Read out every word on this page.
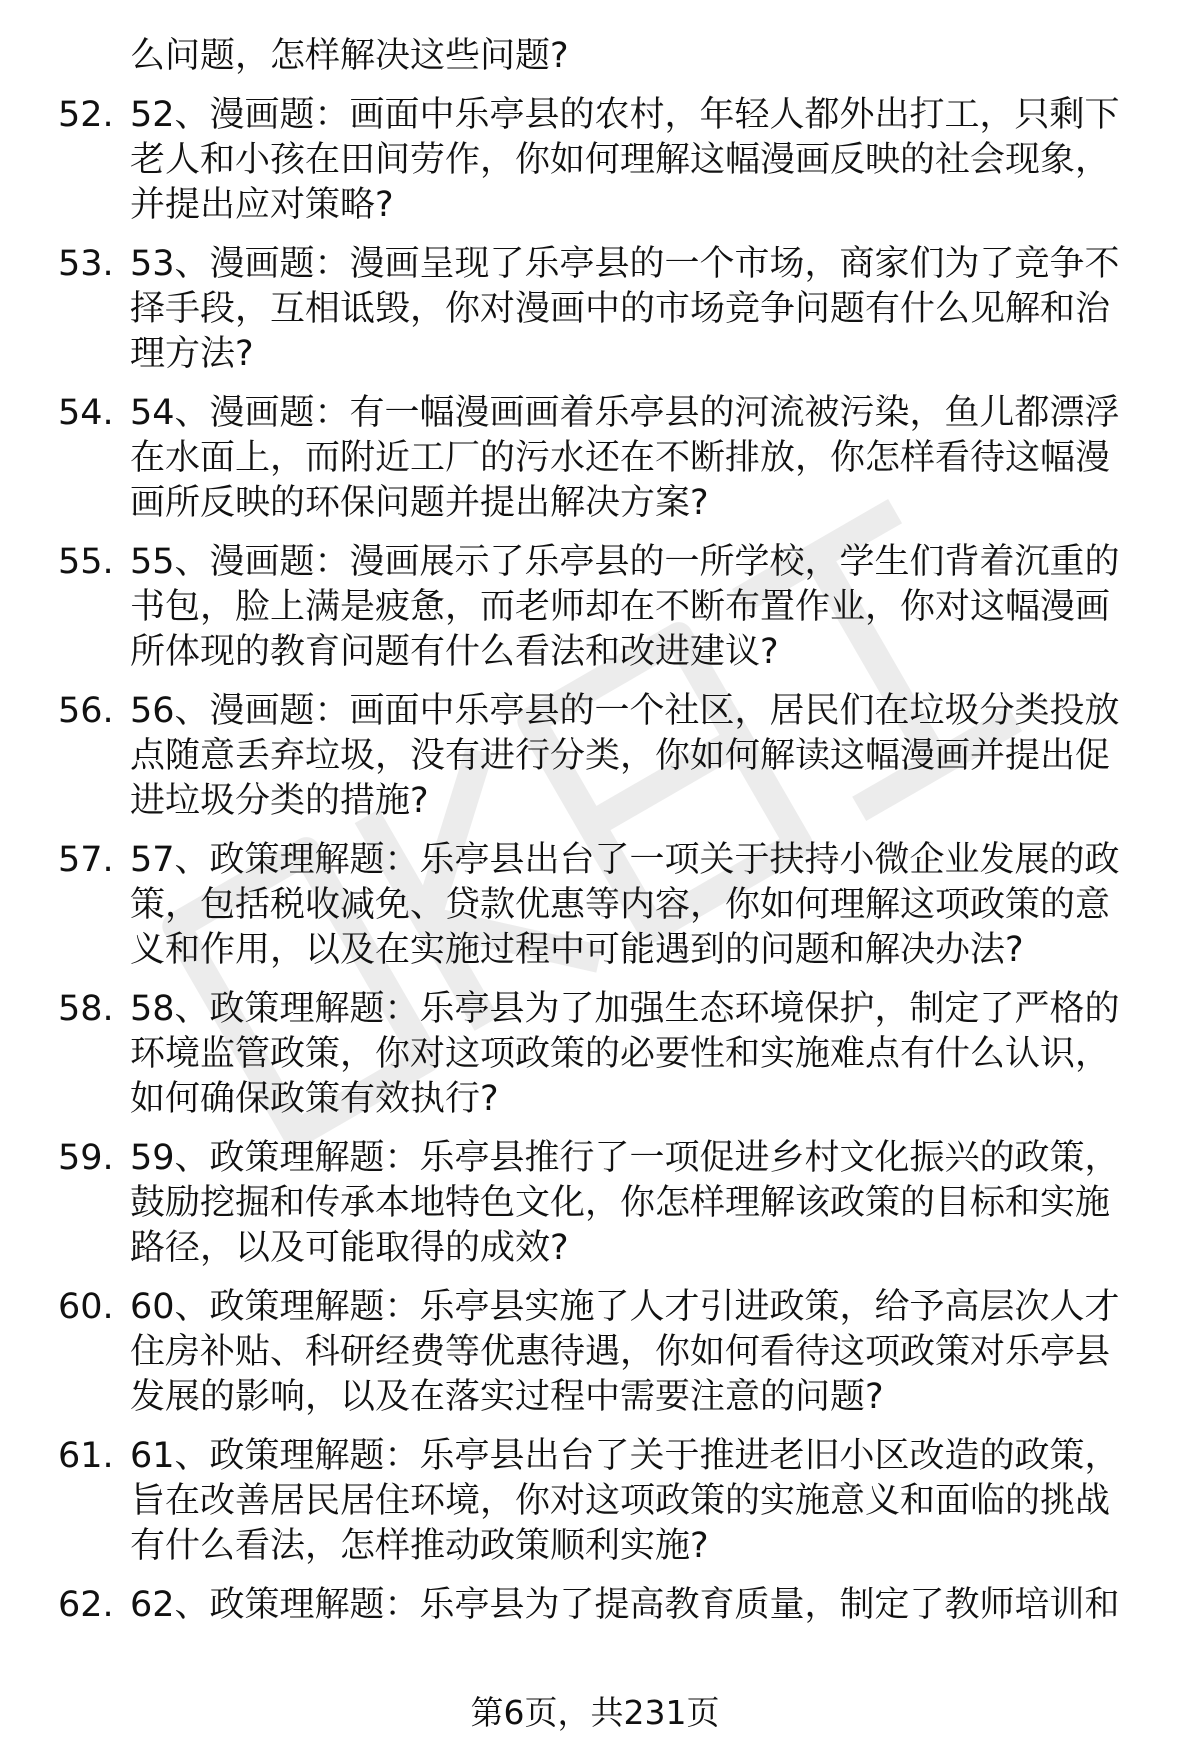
么问题，怎样解决这些问题?
52. 52、漫画题：画面中乐亭县的农村，年轻人都外出打工，只剩下老人和小孩在田间劳作，你如何理解这幅漫画反映的社会现象，并提出应对策略?
53. 53、漫画题：漫画呈现了乐亭县的一个市场，商家们为了竞争不择手段，互相诋毁，你对漫画中的市场竞争问题有什么见解和治理方法?
54. 54、漫画题：有一幅漫画画着乐亭县的河流被污染，鱼儿都漂浮在水面上，而附近工厂的污水还在不断排放，你怎样看待这幅漫画所反映的环保问题并提出解决方案?
55. 55、漫画题：漫画展示了乐亭县的一所学校，学生们背着沉重的书包，脸上满是疲惫，而老师却在不断布置作业，你对这幅漫画所体现的教育问题有什么看法和改进建议?
56. 56、漫画题：画面中乐亭县的一个社区，居民们在垃圾分类投放点随意丢弃垃圾，没有进行分类，你如何解读这幅漫画并提出促进垃圾分类的措施?
57. 57、政策理解题：乐亭县出台了一项关于扶持小微企业发展的政策，包括税收减免、贷款优惠等内容，你如何理解这项政策的意义和作用，以及在实施过程中可能遇到的问题和解决办法?
58. 58、政策理解题：乐亭县为了加强生态环境保护，制定了严格的环境监管政策，你对这项政策的必要性和实施难点有什么认识，如何确保政策有效执行?
59. 59、政策理解题：乐亭县推行了一项促进乡村文化振兴的政策，鼓励挖掘和传承本地特色文化，你怎样理解该政策的目标和实施路径，以及可能取得的成效?
60. 60、政策理解题：乐亭县实施了人才引进政策，给予高层次人才住房补贴、科研经费等优惠待遇，你如何看待这项政策对乐亭县发展的影响，以及在落实过程中需要注意的问题?
61. 61、政策理解题：乐亭县出台了关于推进老旧小区改造的政策，旨在改善居民居住环境，你对这项政策的实施意义和面临的挑战有什么看法，怎样推动政策顺利实施?
62. 62、政策理解题：乐亭县为了提高教育质量，制定了教师培训和
第6页，共231页
